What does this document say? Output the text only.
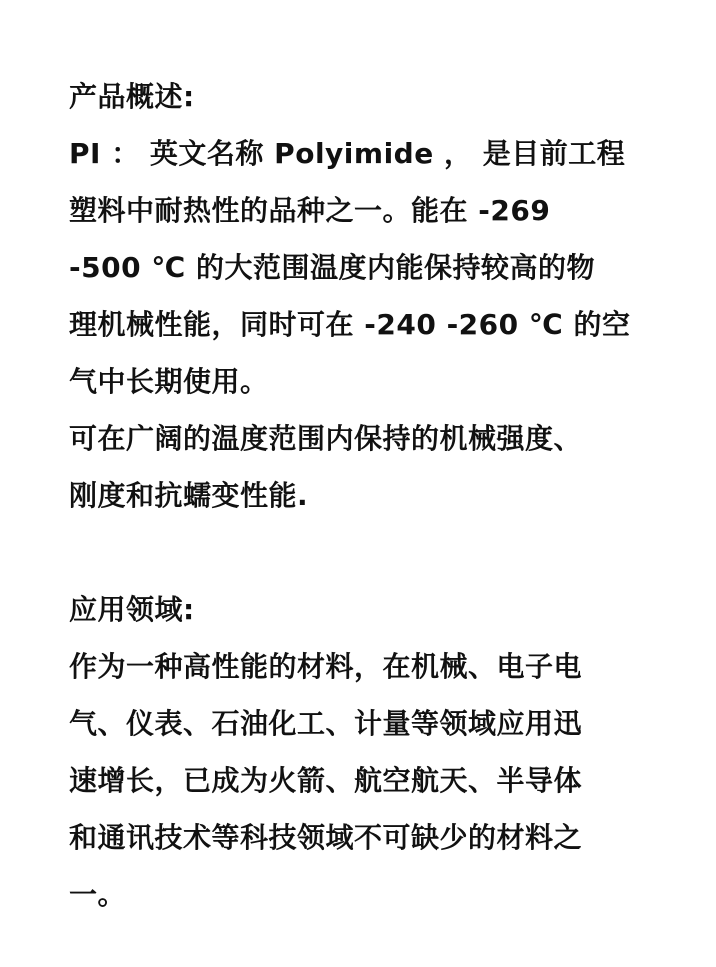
产品概述:
PI ： 英文名称 Polyimide ， 是目前工程
塑料中耐热性的品种之一。能在 -269
-500 ℃ 的大范围温度内能保持较高的物
理机械性能，同时可在 -240 -260 ℃ 的空
气中长期使用。
可在广阔的温度范围内保持的机械强度、
刚度和抗蠕变性能.
应用领域:
作为一种高性能的材料，在机械、电子电
气、仪表、石油化工、计量等领域应用迅
速增长，已成为火箭、航空航天、半导体
和通讯技术等科技领域不可缺少的材料之
一。
